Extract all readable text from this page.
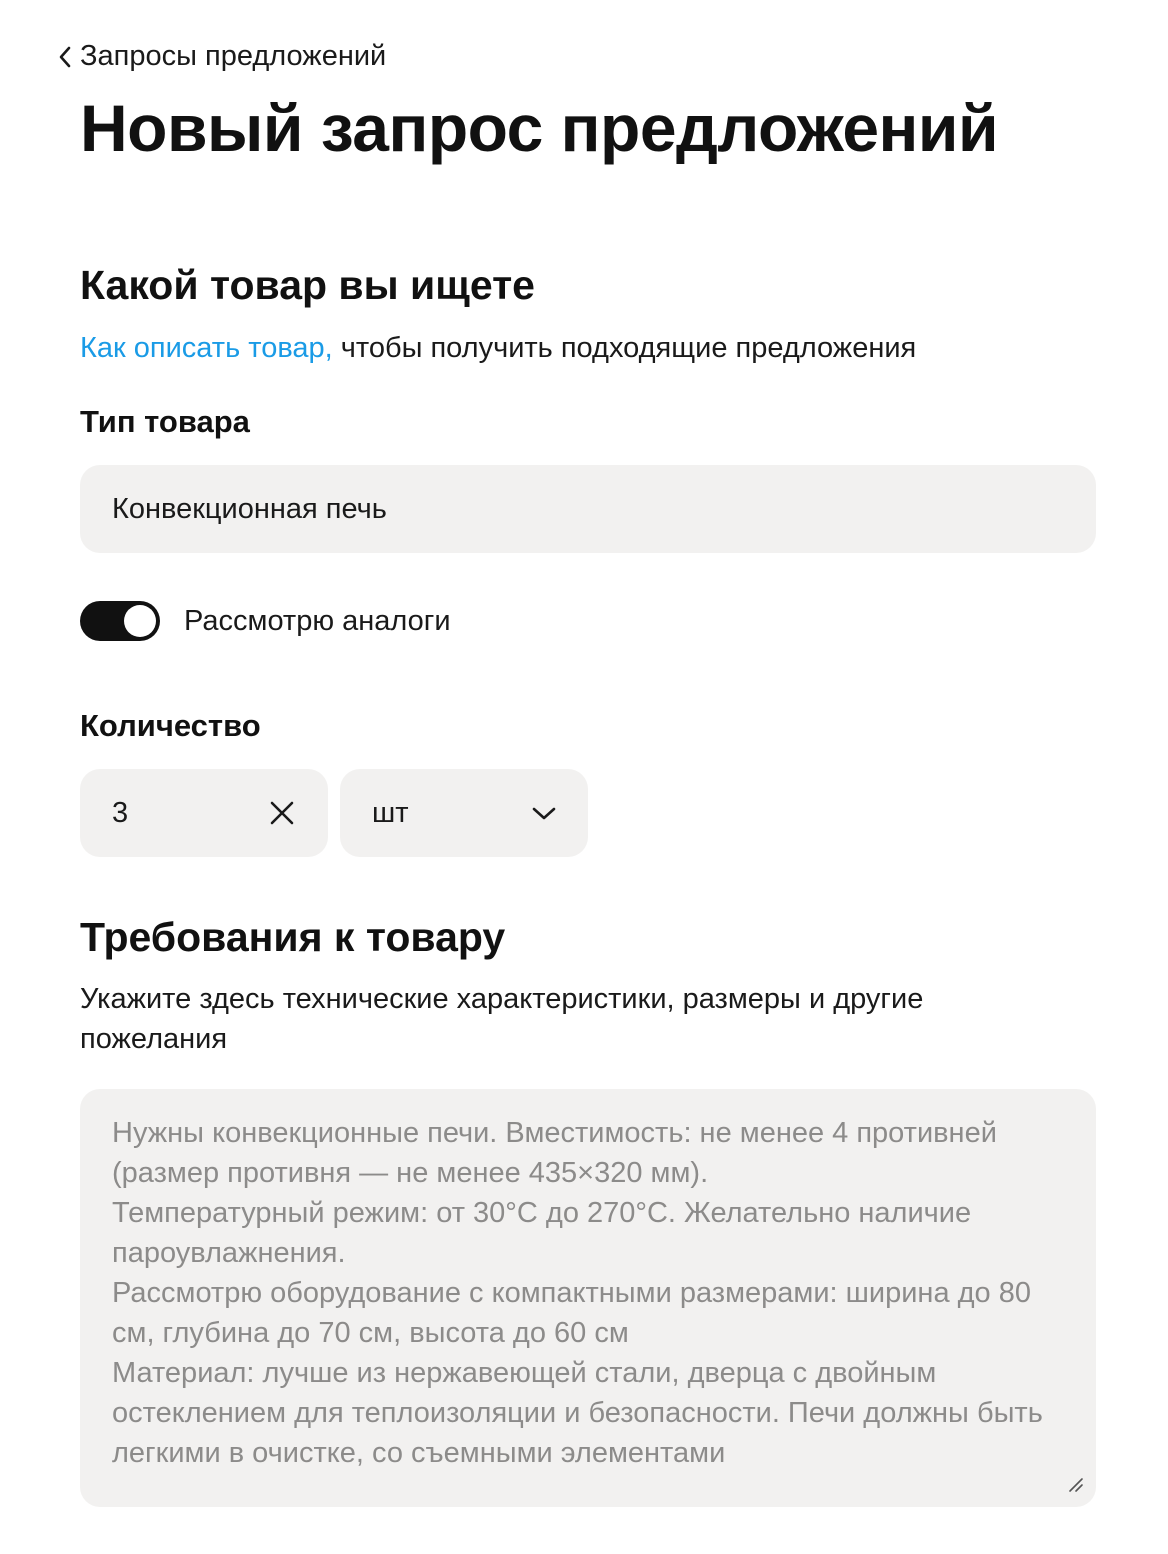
Запросы предложений
Новый запрос предложений
Какой товар вы ищете
Как описать товар, чтобы получить подходящие предложения
Тип товара
Конвекционная печь
Рассмотрю аналоги
Количество
3	шт
Требования к товару
Укажите здесь технические характеристики, размеры и другие пожелания
Нужны конвекционные печи. Вместимость: не менее 4 противней (размер противня — не менее 435×320 мм).
Температурный режим: от 30°С до 270°С. Желательно наличие пароувлажнения.
Рассмотрю оборудование с компактными размерами: ширина до 80 см, глубина до 70 см, высота до 60 см
Материал: лучше из нержавеющей стали, дверца с двойным остеклением для теплоизоляции и безопасности. Печи должны быть легкими в очистке, со съемными элементами
